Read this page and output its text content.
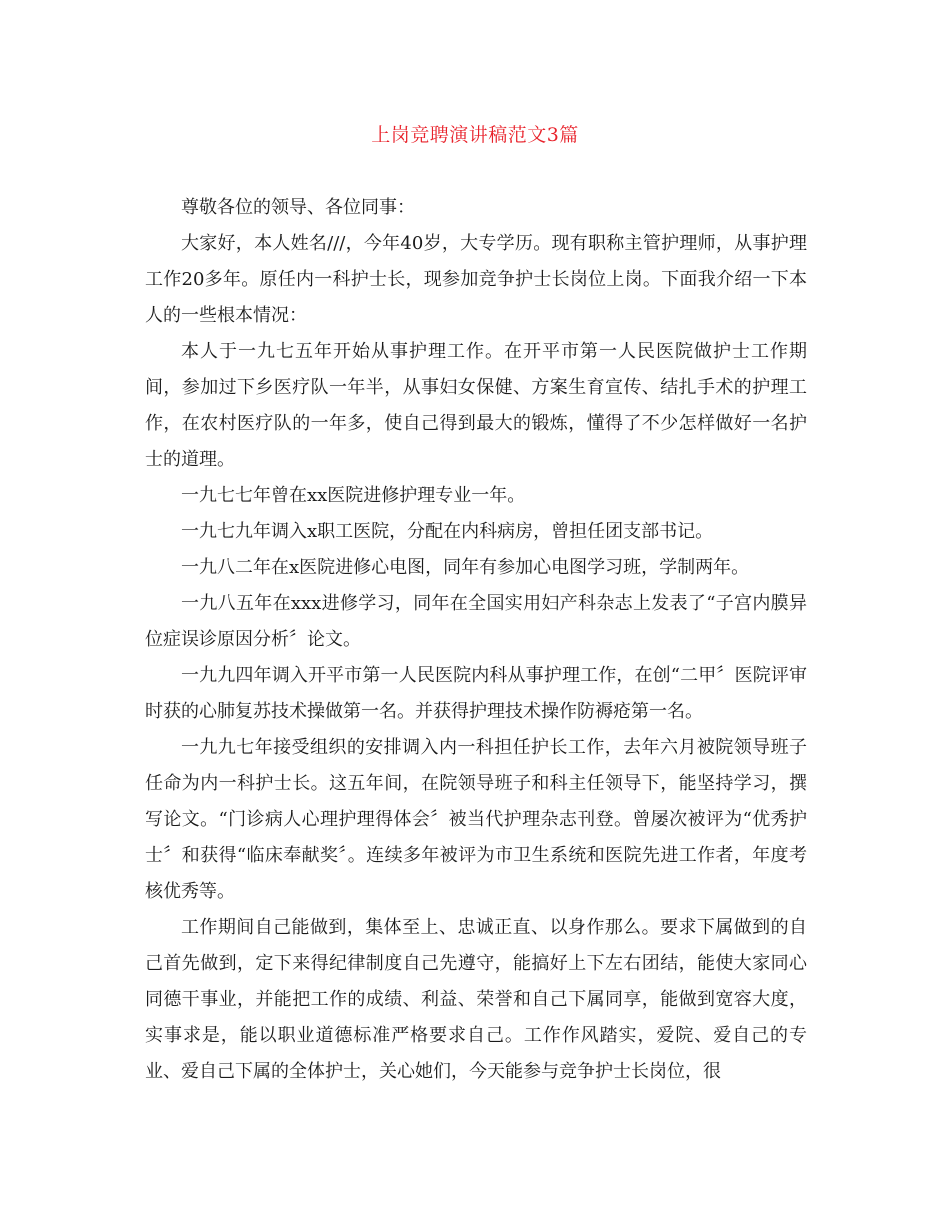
上岗竞聘演讲稿范文3篇

尊敬各位的领导、各位同事：

大家好，本人姓名///，今年40岁，大专学历。现有职称主管护理师，从事护理工作20多年。原任内一科护士长，现参加竞争护士长岗位上岗。下面我介绍一下本人的一些根本情况：

本人于一九七五年开始从事护理工作。在开平市第一人民医院做护士工作期间，参加过下乡医疗队一年半，从事妇女保健、方案生育宣传、结扎手术的护理工作，在农村医疗队的一年多，使自己得到最大的锻炼，懂得了不少怎样做好一名护士的道理。

一九七七年曾在xx医院进修护理专业一年。

一九七九年调入x职工医院，分配在内科病房，曾担任团支部书记。

一九八二年在x医院进修心电图，同年有参加心电图学习班，学制两年。

一九八五年在xxx进修学习，同年在全国实用妇产科杂志上发表了“子宫内膜异位症误诊原因分析〞论文。

一九九四年调入开平市第一人民医院内科从事护理工作，在创“二甲〞医院评审时获的心肺复苏技术操做第一名。并获得护理技术操作防褥疮第一名。

一九九七年接受组织的安排调入内一科担任护长工作，去年六月被院领导班子任命为内一科护士长。这五年间，在院领导班子和科主任领导下，能坚持学习，撰写论文。“门诊病人心理护理得体会〞被当代护理杂志刊登。曾屡次被评为“优秀护士〞和获得“临床奉献奖〞。连续多年被评为市卫生系统和医院先进工作者，年度考核优秀等。

工作期间自己能做到，集体至上、忠诚正直、以身作那么。要求下属做到的自己首先做到，定下来得纪律制度自己先遵守，能搞好上下左右团结，能使大家同心同德干事业，并能把工作的成绩、利益、荣誉和自己下属同享，能做到宽容大度，实事求是，能以职业道德标准严格要求自己。工作作风踏实，爱院、爱自己的专业、爱自己下属的全体护士，关心她们，今天能参与竞争护士长岗位，很
